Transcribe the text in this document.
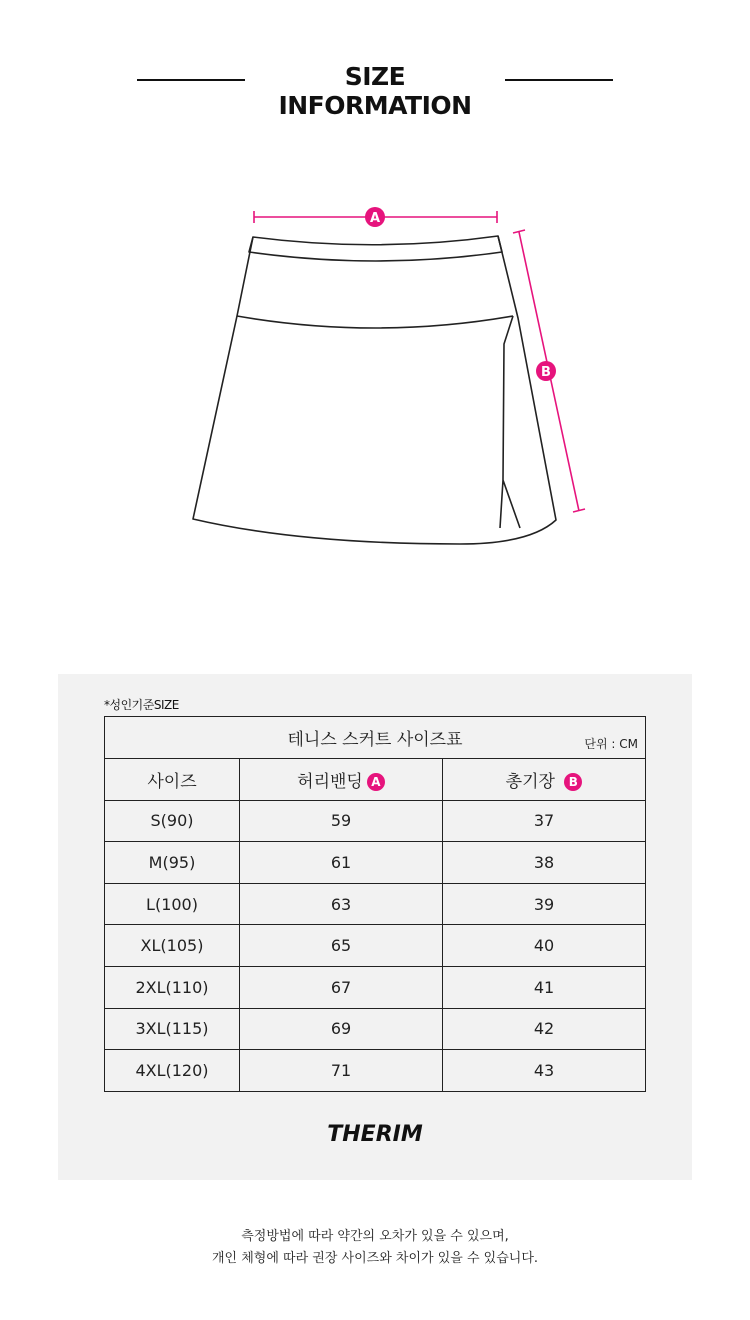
SIZE INFORMATION
A
B
*성인기준SIZE
테니스 스커트 사이즈표 단위 : CM		

사이즈	허리밴딩 A	총기장 B
S(90)	59	37
M(95)	61	38
L(100)	63	39
XL(105)	65	40
2XL(110)	67	41
3XL(115)	69	42
4XL(120)	71	43
THERIM
측정방법에 따라 약간의 오차가 있을 수 있으며,
개인 체형에 따라 권장 사이즈와 차이가 있을 수 있습니다.
